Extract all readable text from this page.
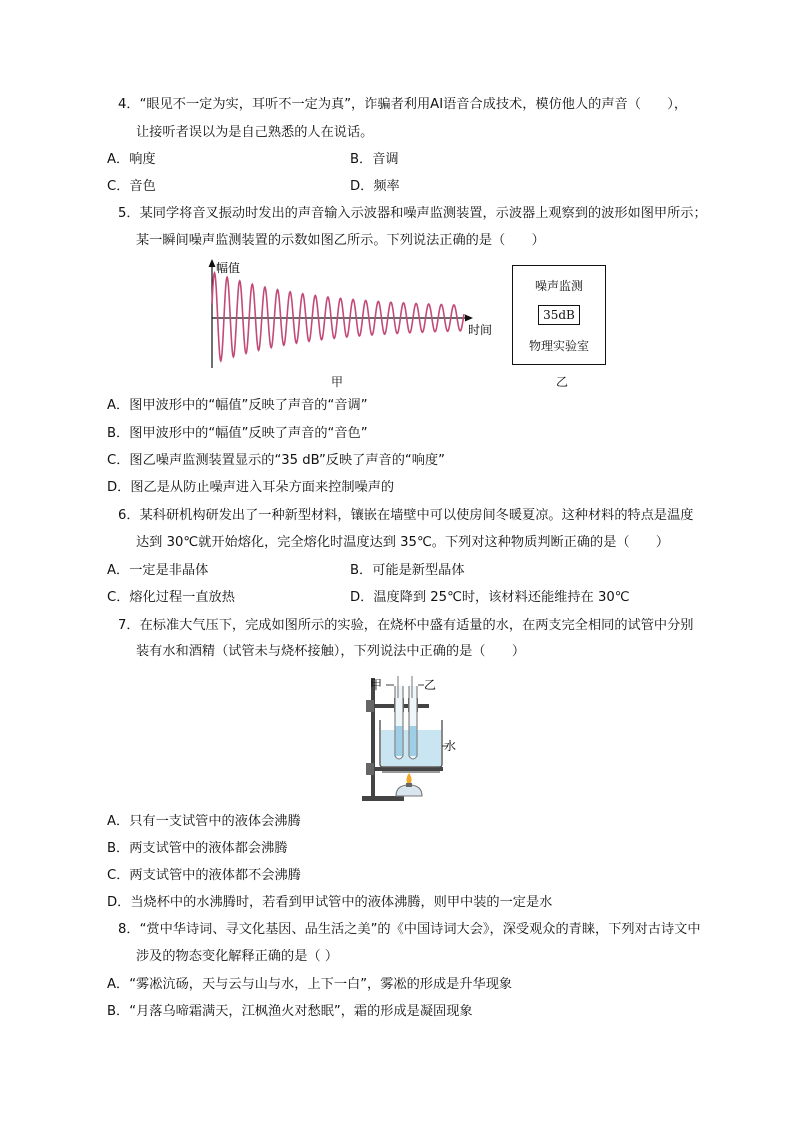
4．“眼见不一定为实，耳听不一定为真”，诈骗者利用AI语音合成技术，模仿他人的声音（　　），
让接听者误以为是自己熟悉的人在说话。
A．响度	B．音调
C．音色	D．频率
5．某同学将音叉振动时发出的声音输入示波器和噪声监测装置，示波器上观察到的波形如图甲所示；
某一瞬间噪声监测装置的示数如图乙所示。下列说法正确的是（　　）
幅值
时间
甲
噪声监测
35dB
物理实验室
乙
A．图甲波形中的“幅值”反映了声音的“音调”
B．图甲波形中的“幅值”反映了声音的“音色”
C．图乙噪声监测装置显示的“35 dB”反映了声音的“响度”
D．图乙是从防止噪声进入耳朵方面来控制噪声的
6．某科研机构研发出了一种新型材料，镶嵌在墙壁中可以使房间冬暖夏凉。这种材料的特点是温度
达到 30℃就开始熔化，完全熔化时温度达到 35℃。下列对这种物质判断正确的是（　　）
A．一定是非晶体	B．可能是新型晶体
C．熔化过程一直放热	D．温度降到 25℃时，该材料还能维持在 30℃
7．在标准大气压下，完成如图所示的实验，在烧杯中盛有适量的水，在两支完全相同的试管中分别
装有水和酒精（试管未与烧杯接触），下列说法中正确的是（　　）
甲	乙
水
A．只有一支试管中的液体会沸腾
B．两支试管中的液体都会沸腾
C．两支试管中的液体都不会沸腾
D．当烧杯中的水沸腾时，若看到甲试管中的液体沸腾，则甲中装的一定是水
8．“赏中华诗词、寻文化基因、品生活之美”的《中国诗词大会》，深受观众的青睐，下列对古诗文中
涉及的物态变化解释正确的是（ ）
A．“雾凇沆砀，天与云与山与水，上下一白”，雾凇的形成是升华现象
B．“月落乌啼霜满天，江枫渔火对愁眠”，霜的形成是凝固现象
